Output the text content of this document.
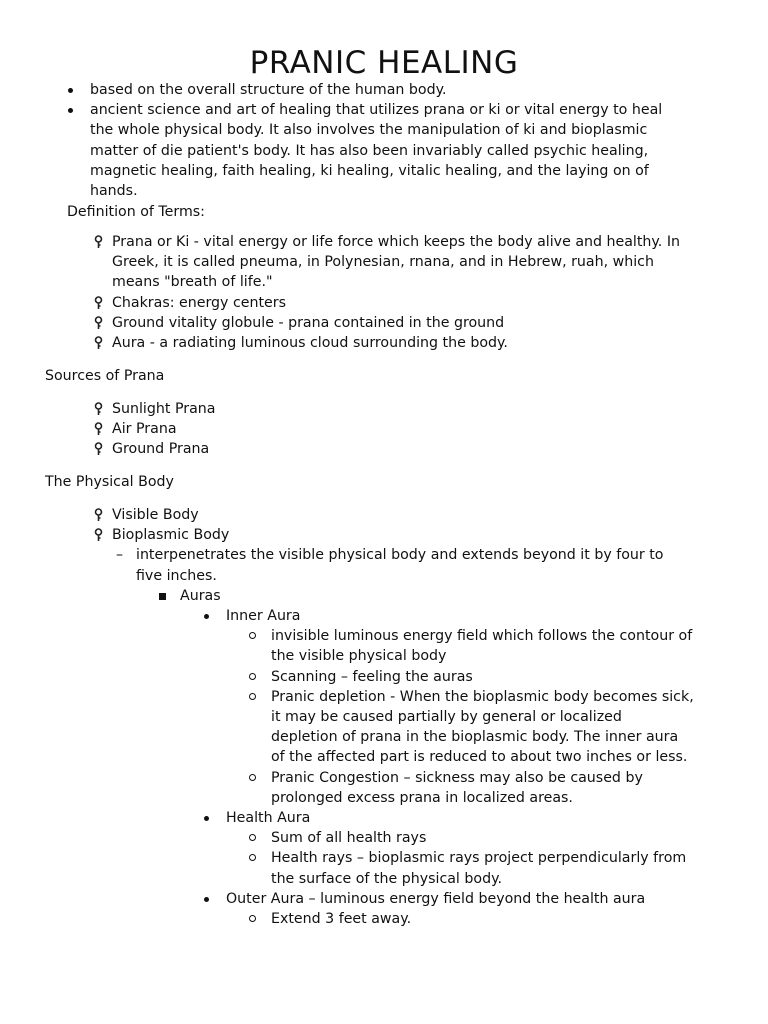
PRANIC HEALING
based on the overall structure of the human body.
ancient science and art of healing that utilizes prana or ki or vital energy to heal
the whole physical body. It also involves the manipulation of ki and bioplasmic
matter of die patient's body. It has also been invariably called psychic healing,
magnetic healing, faith healing, ki healing, vitalic healing, and the laying on of
hands.
Definition of Terms:
Prana or Ki - vital energy or life force which keeps the body alive and healthy. In
Greek, it is called pneuma, in Polynesian, rnana, and in Hebrew, ruah, which
means "breath of life."
Chakras: energy centers
Ground vitality globule - prana contained in the ground
Aura - a radiating luminous cloud surrounding the body.
Sources of Prana
Sunlight Prana
Air Prana
Ground Prana
The Physical Body
Visible Body
Bioplasmic Body
– interpenetrates the visible physical body and extends beyond it by four to
five inches.
Auras
Inner Aura
invisible luminous energy field which follows the contour of
the visible physical body
Scanning – feeling the auras
Pranic depletion - When the bioplasmic body becomes sick,
it may be caused partially by general or localized
depletion of prana in the bioplasmic body. The inner aura
of the affected part is reduced to about two inches or less.
Pranic Congestion – sickness may also be caused by
prolonged excess prana in localized areas.
Health Aura
Sum of all health rays
Health rays – bioplasmic rays project perpendicularly from
the surface of the physical body.
Outer Aura – luminous energy field beyond the health aura
Extend 3 feet away.
